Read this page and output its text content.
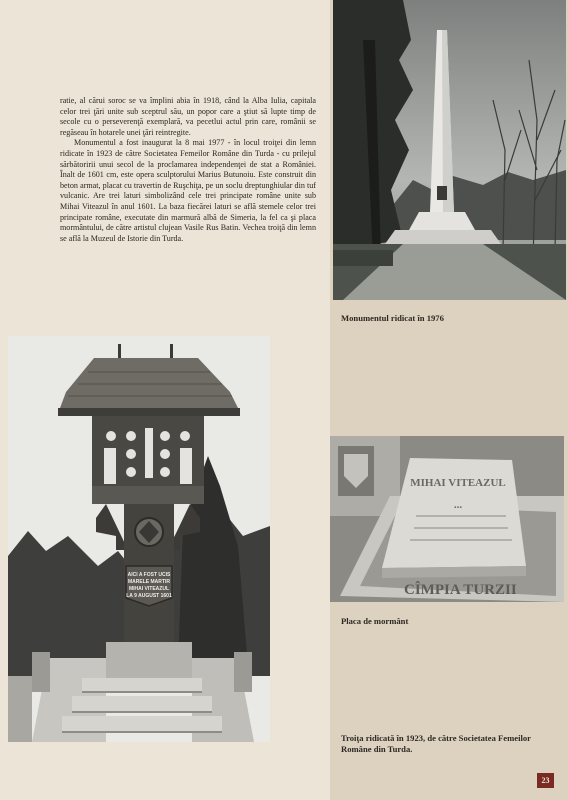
ratie, al cărui soroc se va împlini abia în 1918, când la Alba Iulia, capitala celor trei ţări unite sub sceptrul său, un popor care a ştiut să lupte timp de secole cu o perseverenţă exemplară, va pecetlui actul prin care, românii se regăseau în hotarele unei ţări reintregite.

Monumentul a fost inaugurat la 8 mai 1977 - în locul troiţei din lemn ridicate în 1923 de către Societatea Femeilor Române din Turda - cu prilejul sărbătoririi unui secol de la proclamarea independenţei de stat a României. Înalt de 1601 cm, este opera sculptorului Marius Butunoiu. Este construit din beton armat, placat cu travertin de Ruşchiţa, pe un soclu dreptunghiular din tuf vulcanic. Are trei laturi simbolizând cele trei principate române unite sub Mihai Viteazul în anul 1601. La baza fiecărei laturi se află stemele celor trei principate române, executate din marmură albă de Simeria, la fel ca şi placa mormântului, de către artistul clujean Vasile Rus Batin. Vechea troiţă din lemn se află la Muzeul de Istorie din Turda.

AICI A FOST UCIS
MARELE MARTIR
MIHAI VITEAZUL
LA 9 AUGUST 1601
MIHAI VITEAZUL
...
CÎMPIA TURZII
Monumentul ridicat în 1976
Placa de mormânt
Troiţa ridicată în 1923, de către Societatea Femeilor Române din Turda.
23
